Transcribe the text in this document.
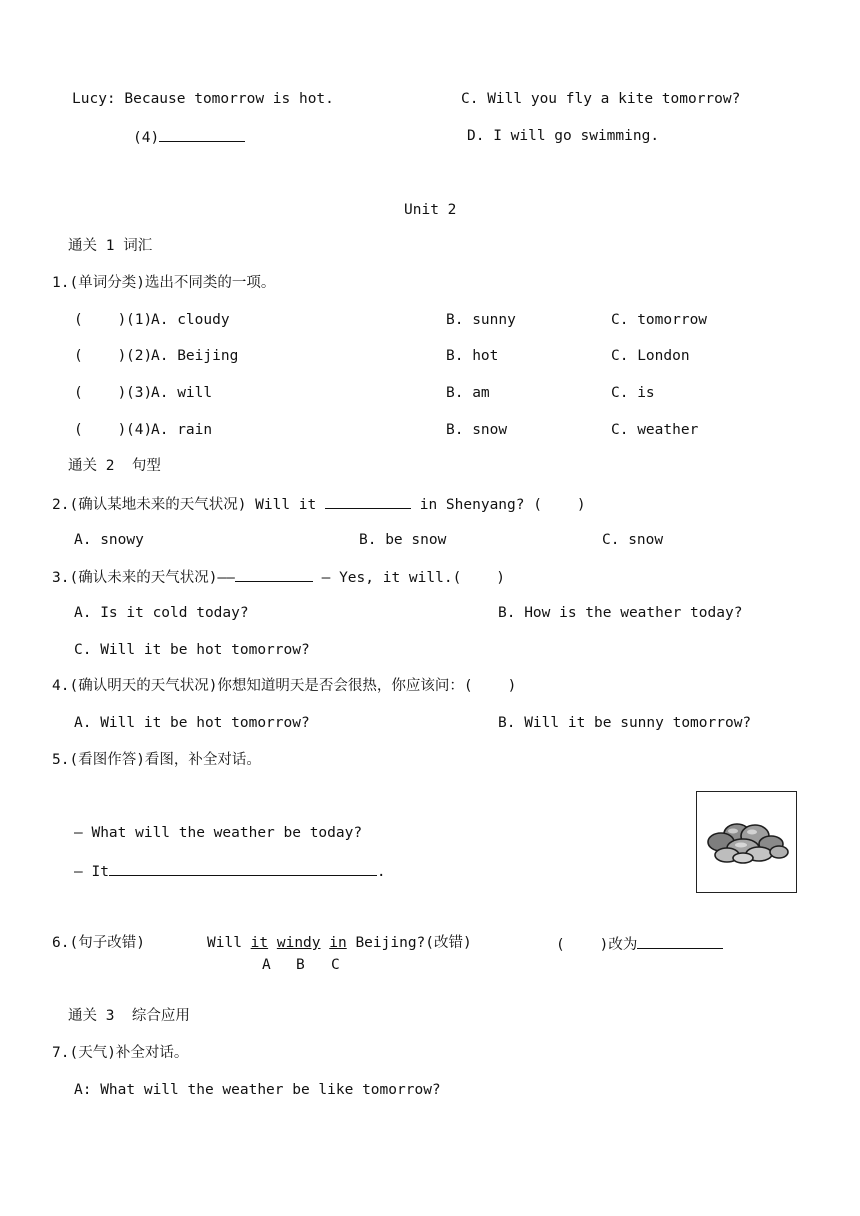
Lucy: Because tomorrow is hot.	C. Will you fly a kite tomorrow?
(4)	D. I will go swimming.
Unit 2
通关 1 词汇
1.(单词分类)选出不同类的一项。
(    ) (1)
A. cloudy	B. sunny	C. tomorrow
(    ) (2)
A. Beijing	B. hot	C. London
(    ) (3)
A. will	B. am	C. is
(    ) (4)
A. rain	B. snow	C. weather
通关 2  句型
2.(确认某地未来的天气状况) Will it	in Shenyang? (    )
A. snowy	B. be snow	C. snow
3.(确认未来的天气状况)——	— Yes, it will.(    )
A. Is it cold today?	B. How is the weather today?
C. Will it be hot tomorrow?
4.(确认明天的天气状况)你想知道明天是否会很热，你应该问：(    )
A. Will it be hot tomorrow?	B. Will it be sunny tomorrow?
5.(看图作答)看图，补全对话。
— What will the weather be today?
— It	.
6.(句子改错)	Will it windy in Beijing?(改错)	(    )改为
A B C
通关 3  综合应用
7.(天气)补全对话。
A: What will the weather be like tomorrow?
